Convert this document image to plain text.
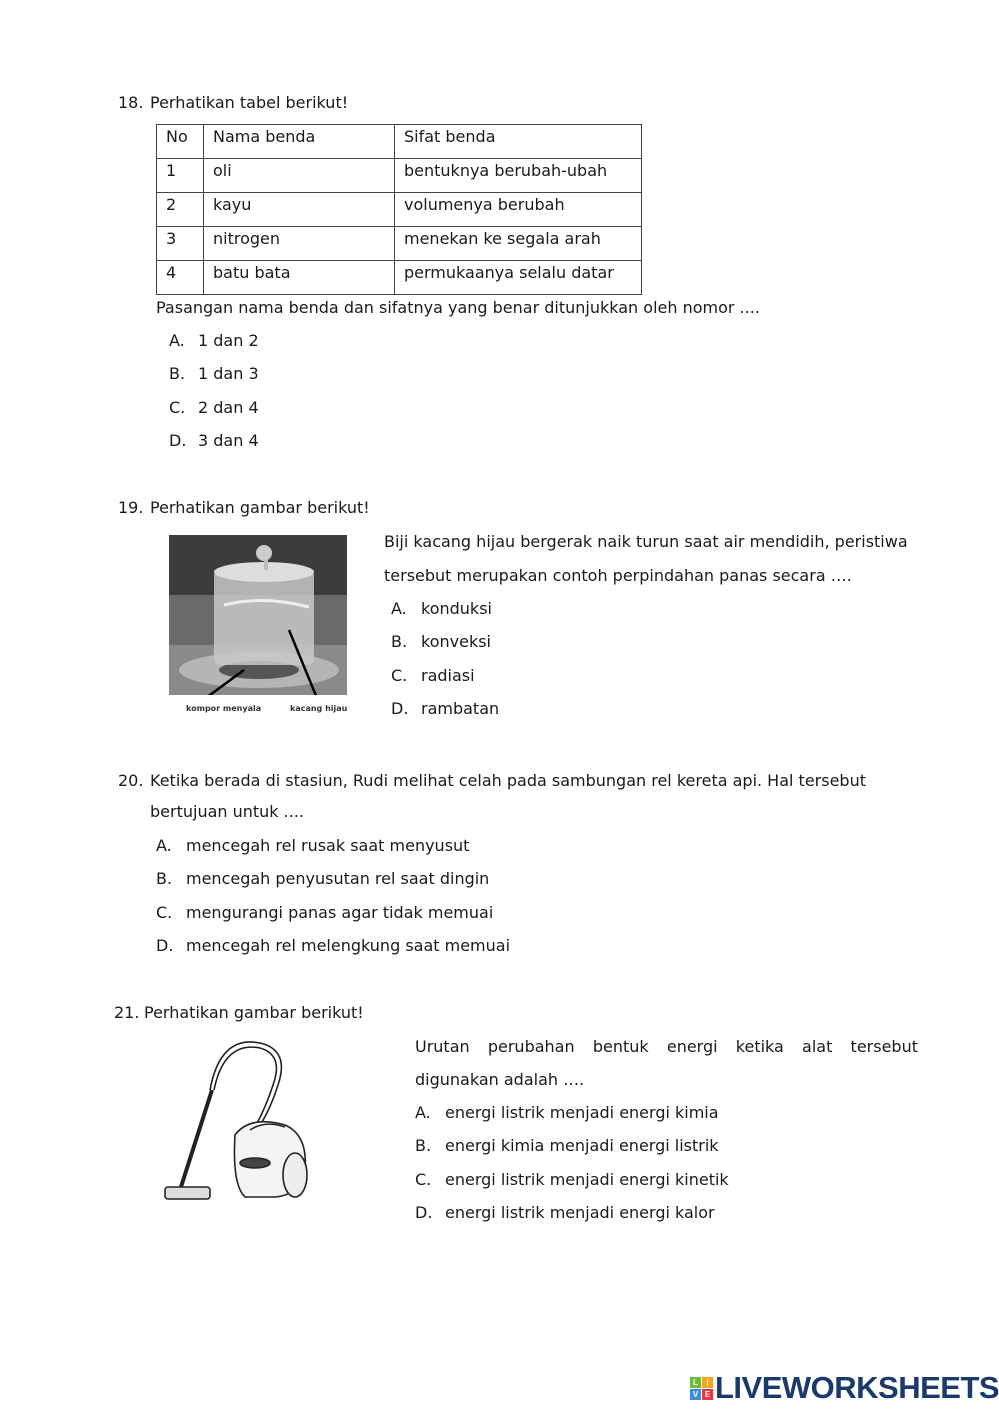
18. Perhatikan tabel berikut!
No	Nama benda	Sifat benda
1	oli	bentuknya berubah-ubah
2	kayu	volumenya berubah
3	nitrogen	menekan ke segala arah
4	batu bata	permukaanya selalu datar
Pasangan nama benda dan sifatnya yang benar ditunjukkan oleh nomor ....
A. 1 dan 2
B. 1 dan 3
C. 2 dan 4
D. 3 dan 4
19. Perhatikan gambar berikut!
kompor menyala	kacang hijau
Biji kacang hijau bergerak naik turun saat air mendidih, peristiwa
tersebut merupakan contoh perpindahan panas secara ….
A. konduksi
B. konveksi
C. radiasi
D. rambatan
20. Ketika berada di stasiun, Rudi melihat celah pada sambungan rel kereta api. Hal tersebut
bertujuan untuk ....
A. mencegah rel rusak saat menyusut
B. mencegah penyusutan rel saat dingin
C. mengurangi panas agar tidak memuai
D. mencegah rel melengkung saat memuai
21. Perhatikan gambar berikut!
Urutan perubahan bentuk energi ketika alat tersebut
digunakan adalah ….
A. energi listrik menjadi energi kimia
B. energi kimia menjadi energi listrik
C. energi listrik menjadi energi kinetik
D. energi listrik menjadi energi kalor
L	I
V E LIVEWORKSHEETS
